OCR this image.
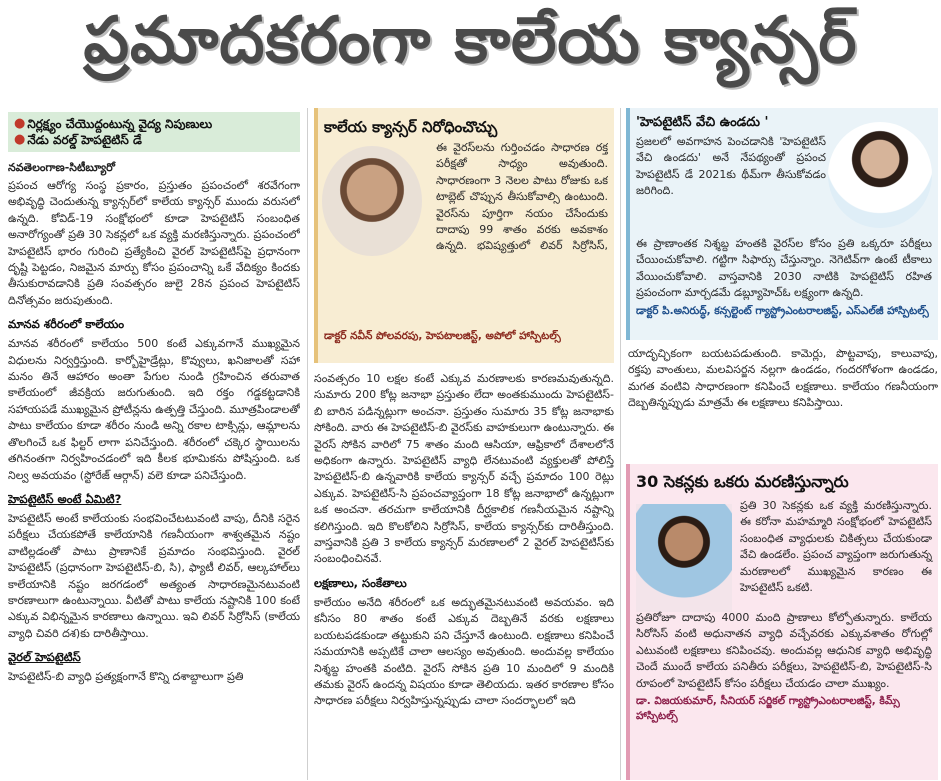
ప్రమాదకరంగా కాలేయ క్యాన్సర్
● నిర్లక్ష్యం చేయొద్దంటున్న వైద్య నిపుణులు
● నేడు వరల్డ్ హెపటైటిస్ డే
నవతెలంగాణ-సిటీబ్యూరో

ప్రపంచ ఆరోగ్య సంస్థ ప్రకారం, ప్రస్తుతం ప్రపంచంలో శరవేగంగా అభివృద్ధి చెందుతున్న క్యాన్సర్‌లో కాలేయ క్యాన్సర్ ముందు వరుసలో ఉన్నది. కోవిడ్-19 సంక్షోభంలో కూడా హెపటైటిస్ సంబంధిత అనారోగ్యంతో ప్రతి 30 సెకన్లలో ఒక వ్యక్తి మరణిస్తున్నారు. ప్రపంచంలో హెపటైటిస్ భారం గురించి ప్రత్యేకించి వైరల్ హెపటైటిస్‌పై ప్రధానంగా దృష్టి పెట్టడం, నిజమైన మార్పు కోసం ప్రపంచాన్ని ఒకే వేదిక్యం కిందకు తీసుకురావడానికి ప్రతి సంవత్సరం జులై 28న ప్రపంచ హెపటైటిస్ దినోత్సవం జరుపుతుంది.

మానవ శరీరంలో కాలేయం

మానవ శరీరంలో కాలేయం 500 కంటే ఎక్కువగానే ముఖ్యమైన విధులను నిర్వర్తిస్తుంది. కార్బోహైడ్రేట్లు, కొవ్వులు, ఖనిజాలతో సహా మనం తినే ఆహారం అంతా పేగుల నుండి గ్రహించిన తరువాత కాలేయంలో జీవక్రియ జరుగుతుంది. ఇది రక్తం గడ్డకట్టడానికి సహాయపడే ముఖ్యమైన ప్రోటీన్లను ఉత్పత్తి చేస్తుంది. మూత్రపిండాలతో పాటు కాలేయం కూడా శరీరం నుండి అన్ని రకాల టాక్సిన్లు, ఆమ్లాలను తొలగించే ఒక ఫిల్టర్ లాగా పనిచేస్తుంది. శరీరంలో చక్కెర స్థాయిలను తగినంతగా నిర్వహించడంలో ఇది కీలక భూమికను పోషిస్తుంది. ఒక నిల్వ అవయవం (స్టోరేజ్ ఆర్గాన్) వలె కూడా పనిచేస్తుంది.

హెపటైటిస్ అంటే ఏమిటి?

హెపటైటిస్ అంటే కాలేయంకు సంభవించేటటువంటి వాపు, దీనికి సరైన పరీక్షలు చేయకపోతే కాలేయానికి గణనీయంగా శాశ్వతమైన నష్టం వాటిల్లడంతో పాటు ప్రాణానికే ప్రమాదం సంభవిస్తుంది. వైరల్ హెపటైటిస్ (ప్రధానంగా హెపటైటిస్-బి, సి), ఫ్యాటీ లివర్, ఆల్కహాల్‌లు కాలేయానికి నష్టం జరగడంలో అత్యంత సాధారణమైనటువంటి కారణాలుగా ఉంటున్నాయి. వీటితో పాటు కాలేయ నష్టానికి 100 కంటే ఎక్కువ విభిన్నమైన కారణాలు ఉన్నాయి. ఇవి లివర్ సిర్రోసిస్ (కాలేయ వ్యాధి చివరి దశ)కు దారితీస్తాయి.

వైరల్ హెపటైటిస్

హెపటైటిస్-బి వ్యాధి ప్రత్యక్షంగానే కొన్ని దశాబ్దాలుగా ప్రతి

కాలేయ క్యాన్సర్ నిరోధించొచ్చు
ఈ వైరస్‌లను గుర్తించడం సాధారణ రక్త పరీక్షతో సాధ్యం అవుతుంది. సాధారణంగా 3 నెలల పాటు రోజుకు ఒక టాబ్లెట్ చొప్పున తీసుకోవాల్సి ఉంటుంది. వైరస్‌ను పూర్తిగా నయం చేసేందుకు దాదాపు 99 శాతం వరకు అవకాశం ఉన్నది. భవిష్యత్తులో లివర్ సిర్రోసిస్,
డాక్టర్ నవీన్ పోలవరపు, హెపటాలజిస్ట్, అపోలో హాస్పిటల్స్

సంవత్సరం 10 లక్షల కంటే ఎక్కువ మరణాలకు కారణమవుతున్నది. సుమారు 200 కోట్ల జనాభా ప్రస్తుతం లేదా అంతకుముందు హెపటైటిస్-బి బారిన పడిన్నట్లుగా అంచనా. ప్రస్తుతం సుమారు 35 కోట్ల జనాభాకు సోకింది. వారు ఈ హెపటైటిస్-బి వైరస్‌కు వాహకులుగా ఉంటున్నారు. ఈ వైరస్ సోకిన వారిలో 75 శాతం మంది ఆసియా, ఆఫ్రికాలో దేశాలలోనే అధికంగా ఉన్నారు. హెపటైటిస్ వ్యాధి లేనటువంటి వ్యక్తులతో పోలిస్తే హెపటైటిస్-బి ఉన్నవారికి కాలేయ క్యాన్సర్ వచ్చే ప్రమాదం 100 రెట్లు ఎక్కువ. హెపటైటిస్-సి ప్రపంచవ్యాప్తంగా 18 కోట్ల జనాభాలో ఉన్నట్లుగా ఒక అంచనా. తరచుగా కాలేయానికి దీర్ఘకాలిక గణనీయమైన నష్టాన్ని కలిగిస్తుంది. ఇది కొలకోలిని సిర్రోసిస్, కాలేయ క్యాన్సర్‌కు దారితీస్తుంది. వాస్తవానికి ప్రతి 3 కాలేయ క్యాన్సర్ మరణాలలో 2 వైరల్ హెపటైటిస్‌కు సంబంధించినవే.

లక్షణాలు, సంకేతాలు

కాలేయం అనేది శరీరంలో ఒక అద్భుతమైనటువంటి అవయవం. ఇది కనీసం 80 శాతం కంటే ఎక్కువ దెబ్బతినే వరకు లక్షణాలు బయటపడకుండా తట్టుకుని పని చేస్తూనే ఉంటుంది. లక్షణాలు కనిపించే సమయానికి అప్పటికే చాలా ఆలస్యం అవుతుంది. అందువల్ల కాలేయం నిశ్శబ్ద హంతకి వంటిది. వైరస్ సోకిన ప్రతి 10 మందిలో 9 మందికి తమకు వైరస్ ఉందన్న విషయం కూడా తెలియదు. ఇతర కారణాల కోసం సాధారణ పరీక్షలు నిర్వహిస్తున్నప్పుడు చాలా సందర్భాలలో ఇది

'హెపటైటిస్ వేచి ఉండదు '
ప్రజలలో అవగాహన పెంచడానికి 'హెపటైటిస్ వేచి ఉండదు' అనే నేపథ్యంతో ప్రపంచ హెపటైటిస్ డే 2021కు థీమ్‌గా తీసుకోవడం జరిగింది.
ఈ ప్రాణాంతక నిశ్శబ్ద హంతకి వైరస్‌ల కోసం ప్రతి ఒక్కరూ పరీక్షలు చేయించుకోవాలి. గట్టిగా సిఫార్సు చేస్తున్నాం. నెగెటివ్‌గా ఉంటే టీకాలు వేయించుకోవాలి. వాస్తవానికి 2030 నాటికి హెపటైటిస్ రహిత ప్రపంచంగా మార్చడమే డబ్ల్యూహెచ్ఓ లక్ష్యంగా ఉన్నది.
డాక్టర్ పి.అనిరుద్ధ్, కన్సల్టెంట్ గ్యాస్ట్రోఎంటరాలజిస్ట్, ఎస్ఎల్‌జీ హాస్పిటల్స్

యాదృచ్ఛికంగా బయటపడుతుంది. కామెర్లు, పొట్టవాపు, కాలువాపు, రక్తపు వాంతులు, మలవిసర్జన నల్లగా ఉండడం, గందరగోళంగా ఉండడం, మగత వంటివి సాధారణంగా కనిపించే లక్షణాలు. కాలేయం గణనీయంగా దెబ్బతిన్నప్పుడు మాత్రమే ఈ లక్షణాలు కనిపిస్తాయి.

30 సెకన్లకు ఒకరు మరణిస్తున్నారు
ప్రతి 30 సెకన్లకు ఒక వ్యక్తి మరణిస్తున్నారు. ఈ కరోనా మహమ్మారి సంక్షోభంలో హెపటైటిస్ సంబంధిత వ్యాధులకు చికిత్సలు చేయకుండా వేచి ఉండలేం. ప్రపంచ వ్యాప్తంగా జరుగుతున్న మరణాలలో ముఖ్యమైన కారణం ఈ హెపటైటిస్ ఒకటి.
ప్రతిరోజూ దాదాపు 4000 మంది ప్రాణాలు కోల్పోతున్నారు. కాలేయ సిరోసిస్ వంటి అధునాతన వ్యాధి వచ్చేవరకు ఎక్కువశాతం రోగుల్లో ఎటువంటి లక్షణాలు కనిపించవు. అందువల్ల ఆధునిక వ్యాధి అభివృద్ధి చెందే ముందే కాలేయ పనితీరు పరీక్షలు, హెపటైటిస్-బి, హెపటైటిస్-సి రూపంలో హెపటైటిస్ కోసం పరీక్షలు చేయడం చాలా ముఖ్యం.
డా. విజయకుమార్, సీనియర్ సర్జికల్ గ్యాస్ట్రోఎంటరాలజిస్ట్, కిమ్స్ హాస్పిటల్స్
